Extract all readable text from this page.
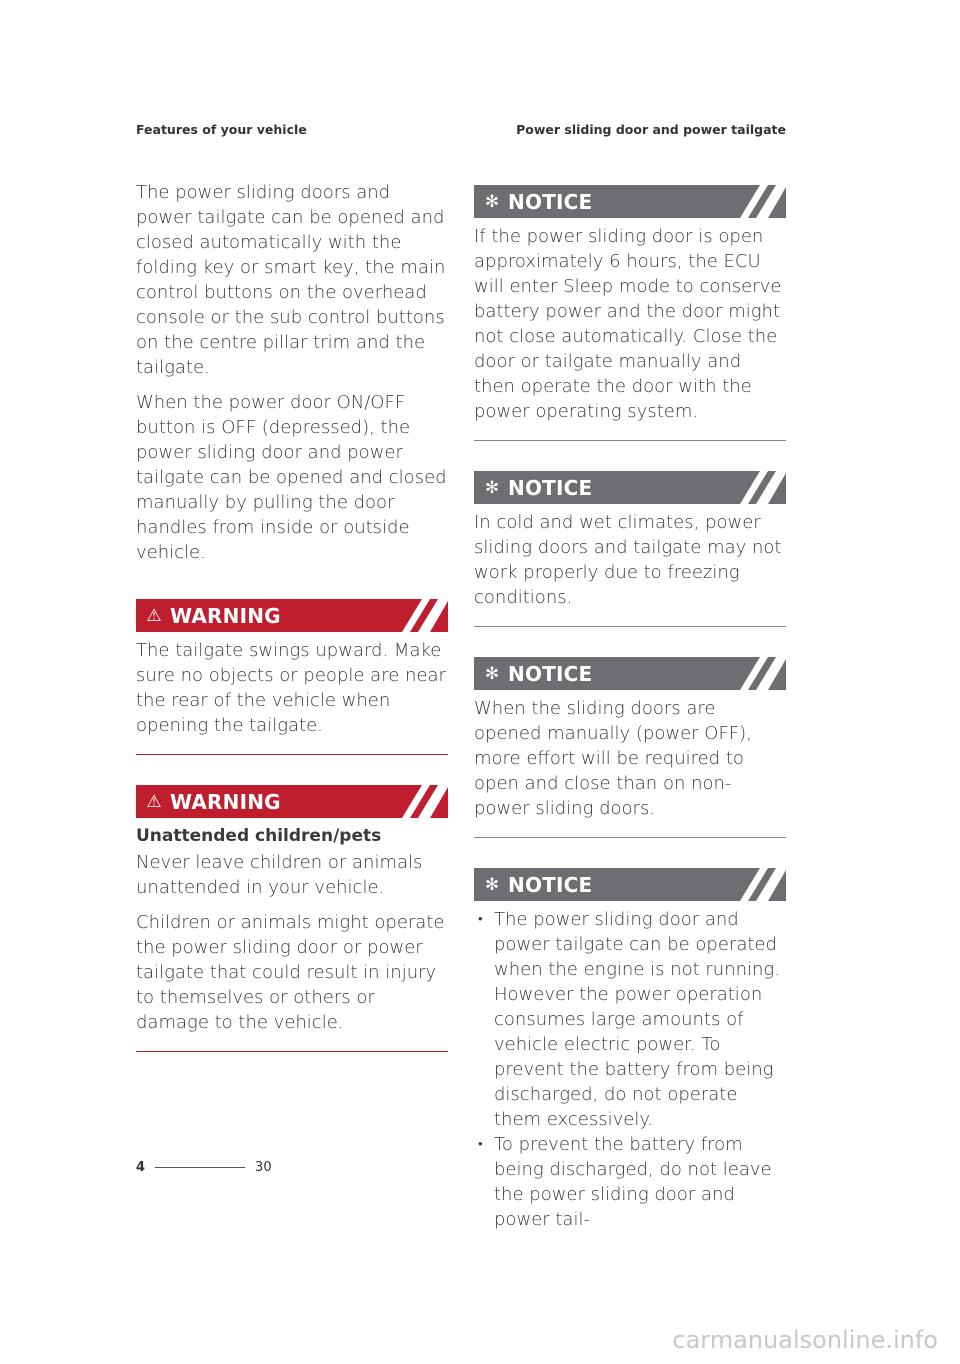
Features of your vehicle	Power sliding door and power tailgate

The power sliding doors and power tailgate can be opened and closed automatically with the folding key or smart key, the main control buttons on the overhead console or the sub control buttons on the centre pillar trim and the tailgate.

When the power door ON/OFF button is OFF (depressed), the power sliding door and power tailgate can be opened and closed manually by pulling the door handles from inside or outside vehicle.

⚠ WARNING

The tailgate swings upward. Make sure no objects or people are near the rear of the vehicle when opening the tailgate.

⚠ WARNING
Unattended children/pets

Never leave children or animals unattended in your vehicle.

Children or animals might operate the power sliding door or power tailgate that could result in injury to themselves or others or damage to the vehicle.

✻ NOTICE

If the power sliding door is open approximately 6 hours, the ECU will enter Sleep mode to conserve battery power and the door might not close automatically. Close the door or tailgate manually and then operate the door with the power operating system.

✻ NOTICE

In cold and wet climates, power sliding doors and tailgate may not work properly due to freezing conditions.

✻ NOTICE

When the sliding doors are opened manually (power OFF), more effort will be required to open and close than on non-power sliding doors.

✻ NOTICE
• The power sliding door and power tailgate can be operated when the engine is not running. However the power operation consumes large amounts of vehicle electric power. To prevent the battery from being discharged, do not operate them excessively.
• To prevent the battery from being discharged, do not leave the power sliding door and power tail-
4	30
carmanualsonline.info
